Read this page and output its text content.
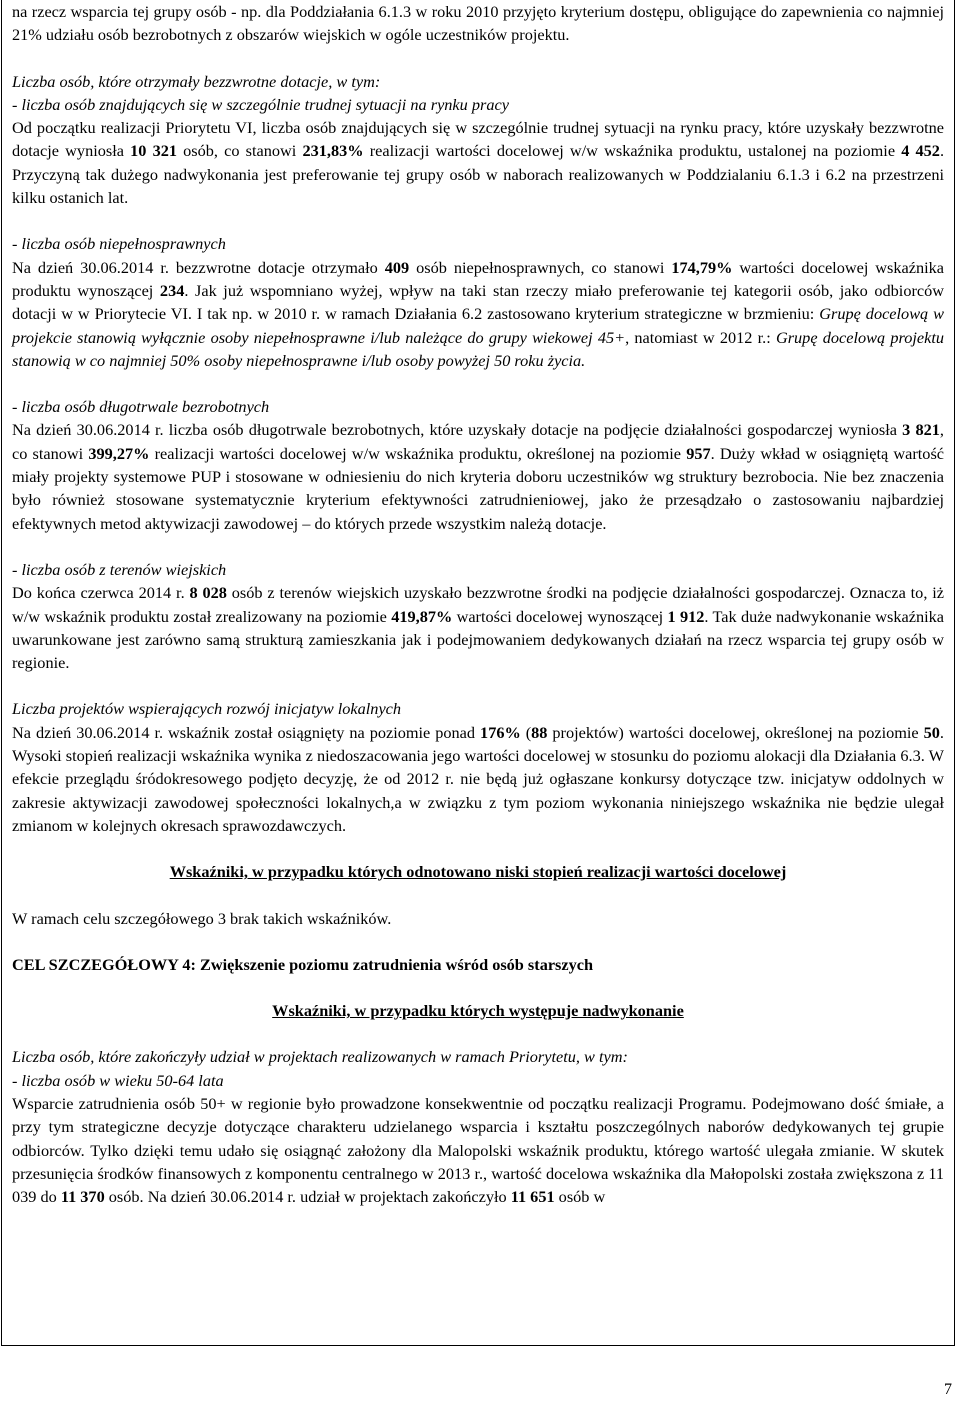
na rzecz wsparcia tej grupy osób - np. dla Poddziałania 6.1.3 w roku 2010 przyjęto kryterium dostępu, obligujące do zapewnienia co najmniej 21% udziału osób bezrobotnych z obszarów wiejskich w ogóle uczestników projektu.

Liczba osób, które otrzymały bezzwrotne dotacje, w tym:

- liczba osób znajdujących się w szczególnie trudnej sytuacji na rynku pracy

Od początku realizacji Priorytetu VI, liczba osób znajdujących się w szczególnie trudnej sytuacji na rynku pracy, które uzyskały bezzwrotne dotacje wyniosła 10 321 osób, co stanowi 231,83% realizacji wartości docelowej w/w wskaźnika produktu, ustalonej na poziomie 4 452. Przyczyną tak dużego nadwykonania jest preferowanie tej grupy osób w naborach realizowanych w Poddzialaniu 6.1.3 i 6.2 na przestrzeni kilku ostanich lat.

- liczba osób niepełnosprawnych

Na dzień 30.06.2014 r. bezzwrotne dotacje otrzymało 409 osób niepełnosprawnych, co stanowi 174,79% wartości docelowej wskaźnika produktu wynoszącej 234. Jak już wspomniano wyżej, wpływ na taki stan rzeczy miało preferowanie tej kategorii osób, jako odbiorców dotacji w w Priorytecie VI. I tak np. w 2010 r. w ramach Działania 6.2 zastosowano kryterium strategiczne w brzmieniu: Grupę docelową w projekcie stanowią wyłącznie osoby niepełnosprawne i/lub należące do grupy wiekowej 45+, natomiast w 2012 r.: Grupę docelową projektu stanowią w co najmniej 50% osoby niepełnosprawne i/lub osoby powyżej 50 roku życia.

- liczba osób długotrwale bezrobotnych

Na dzień 30.06.2014 r. liczba osób długotrwale bezrobotnych, które uzyskały dotacje na podjęcie działalności gospodarczej wyniosła 3 821, co stanowi 399,27% realizacji wartości docelowej w/w wskaźnika produktu, określonej na poziomie 957. Duży wkład w osiągniętą wartość miały projekty systemowe PUP i stosowane w odniesieniu do nich kryteria doboru uczestników wg struktury bezrobocia. Nie bez znaczenia było również stosowane systematycznie kryterium efektywności zatrudnieniowej, jako że przesądzało o zastosowaniu najbardziej efektywnych metod aktywizacji zawodowej – do których przede wszystkim należą dotacje.

- liczba osób z terenów wiejskich

Do końca czerwca 2014 r. 8 028 osób z terenów wiejskich uzyskało bezzwrotne środki na podjęcie działalności gospodarczej. Oznacza to, iż w/w wskaźnik produktu został zrealizowany na poziomie 419,87% wartości docelowej wynoszącej 1 912. Tak duże nadwykonanie wskaźnika uwarunkowane jest zarówno samą strukturą zamieszkania jak i podejmowaniem dedykowanych działań na rzecz wsparcia tej grupy osób w regionie.

Liczba projektów wspierających rozwój inicjatyw lokalnych

Na dzień 30.06.2014 r. wskaźnik został osiągnięty na poziomie ponad 176% (88 projektów) wartości docelowej, określonej na poziomie 50. Wysoki stopień realizacji wskaźnika wynika z niedoszacowania jego wartości docelowej w stosunku do poziomu alokacji dla Działania 6.3. W efekcie przeglądu śródokresowego podjęto decyzję, że od 2012 r. nie będą już ogłaszane konkursy dotyczące tzw. inicjatyw oddolnych w zakresie aktywizacji zawodowej społeczności lokalnych,a w związku z tym poziom wykonania niniejszego wskaźnika nie będzie ulegał zmianom w kolejnych okresach sprawozdawczych.

Wskaźniki, w przypadku których odnotowano niski stopień realizacji wartości docelowej

W ramach celu szczegółowego 3 brak takich wskaźników.

CEL SZCZEGÓŁOWY 4: Zwiększenie poziomu zatrudnienia wśród osób starszych

Wskaźniki, w przypadku których występuje nadwykonanie

Liczba osób, które zakończyły udział w projektach realizowanych w ramach Priorytetu, w tym:

- liczba osób w wieku 50-64 lata

Wsparcie zatrudnienia osób 50+ w regionie było prowadzone konsekwentnie od początku realizacji Programu. Podejmowano dość śmiałe, a przy tym strategiczne decyzje dotyczące charakteru udzielanego wsparcia i kształtu poszczególnych naborów dedykowanych tej grupie odbiorców. Tylko dzięki temu udało się osiągnąć założony dla Malopolski wskaźnik produktu, którego wartość ulegała zmianie. W skutek przesunięcia środków finansowych z komponentu centralnego w 2013 r., wartość docelowa wskaźnika dla Małopolski została zwiększona z 11 039 do 11 370 osób. Na dzień 30.06.2014 r. udział w projektach zakończyło 11 651 osób w

7
